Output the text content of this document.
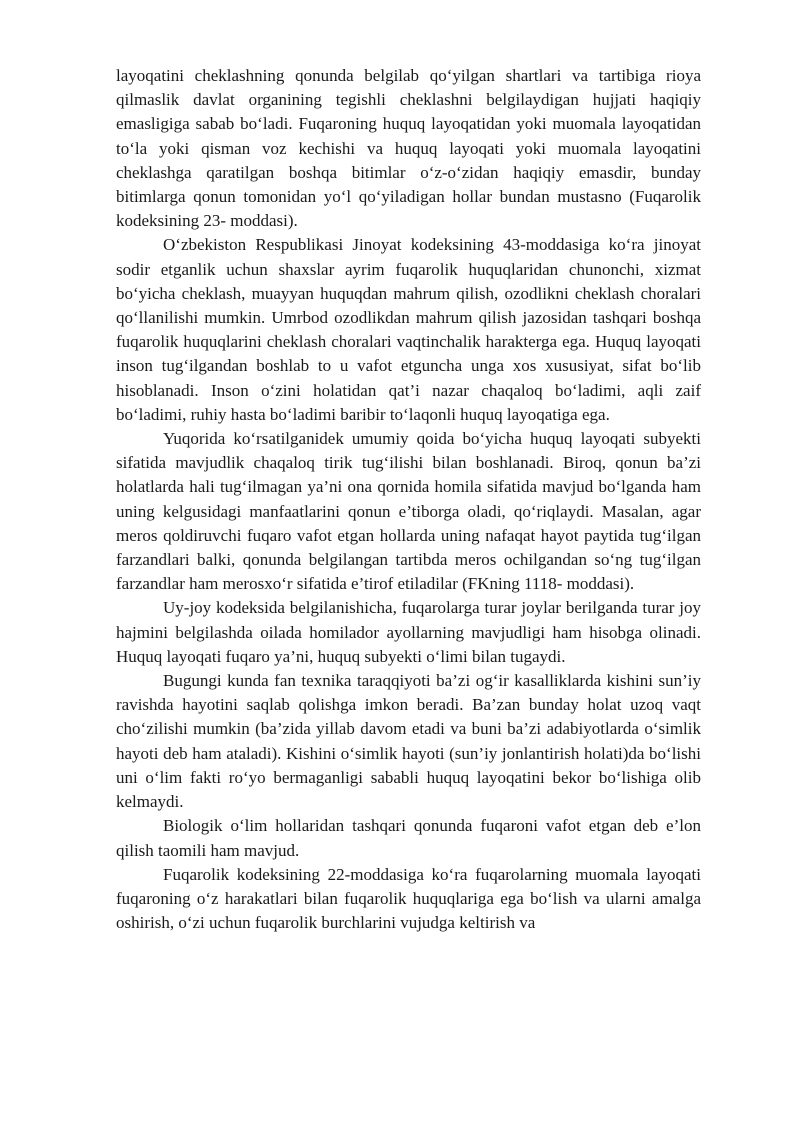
layoqatini cheklashning qonunda belgilab qo‘yilgan shartlari va tartibiga rioya qilmaslik davlat organining tegishli cheklashni belgilaydigan hujjati haqiqiy emasligiga sabab bo‘ladi. Fuqaroning huquq layoqatidan yoki muomala layoqatidan to‘la yoki qisman voz kechishi va huquq layoqati yoki muomala layoqatini cheklashga qaratilgan boshqa bitimlar o‘z-o‘zidan haqiqiy emasdir, bunday bitimlarga qonun tomonidan yo‘l qo‘yiladigan hollar bundan mustasno (Fuqarolik kodeksining 23- moddasi).

O‘zbekiston Respublikasi Jinoyat kodeksining 43-moddasiga ko‘ra jinoyat sodir etganlik uchun shaxslar ayrim fuqarolik huquqlaridan chunonchi, xizmat bo‘yicha cheklash, muayyan huquqdan mahrum qilish, ozodlikni cheklash choralari qo‘llanilishi mumkin. Umrbod ozodlikdan mahrum qilish jazosidan tashqari boshqa fuqarolik huquqlarini cheklash choralari vaqtinchalik harakterga ega. Huquq layoqati inson tug‘ilgandan boshlab to u vafot etguncha unga xos xususiyat, sifat bo‘lib hisoblanadi. Inson o‘zini holatidan qat’i nazar chaqaloq bo‘ladimi, aqli zaif bo‘ladimi, ruhiy hasta bo‘ladimi baribir to‘laqonli huquq layoqatiga ega.

Yuqorida ko‘rsatilganidek umumiy qoida bo‘yicha huquq layoqati subyekti sifatida mavjudlik chaqaloq tirik tug‘ilishi bilan boshlanadi. Biroq, qonun ba’zi holatlarda hali tug‘ilmagan ya’ni ona qornida homila sifatida mavjud bo‘lganda ham uning kelgusidagi manfaatlarini qonun e’tiborga oladi, qo‘riqlaydi. Masalan, agar meros qoldiruvchi fuqaro vafot etgan hollarda uning nafaqat hayot paytida tug‘ilgan farzandlari balki, qonunda belgilangan tartibda meros ochilgandan so‘ng tug‘ilgan farzandlar ham merosxo‘r sifatida e’tirof etiladilar (FKning 1118- moddasi).

Uy-joy kodeksida belgilanishicha, fuqarolarga turar joylar berilganda turar joy hajmini belgilashda oilada homilador ayollarning mavjudligi ham hisobga olinadi. Huquq layoqati fuqaro ya’ni, huquq subyekti o‘limi bilan tugaydi.

Bugungi kunda fan texnika taraqqiyoti ba’zi og‘ir kasalliklarda kishini sun’iy ravishda hayotini saqlab qolishga imkon beradi. Ba’zan bunday holat uzoq vaqt cho‘zilishi mumkin (ba’zida yillab davom etadi va buni ba’zi adabiyotlarda o‘simlik hayoti deb ham ataladi). Kishini o‘simlik hayoti (sun’iy jonlantirish holati)da bo‘lishi uni o‘lim fakti ro‘yo bermaganligi sababli huquq layoqatini bekor bo‘lishiga olib kelmaydi.

Biologik o‘lim hollaridan tashqari qonunda fuqaroni vafot etgan deb e’lon qilish taomili ham mavjud.

Fuqarolik kodeksining 22-moddasiga ko‘ra fuqarolarning muomala layoqati fuqaroning o‘z harakatlari bilan fuqarolik huquqlariga ega bo‘lish va ularni amalga oshirish, o‘zi uchun fuqarolik burchlarini vujudga keltirish va
